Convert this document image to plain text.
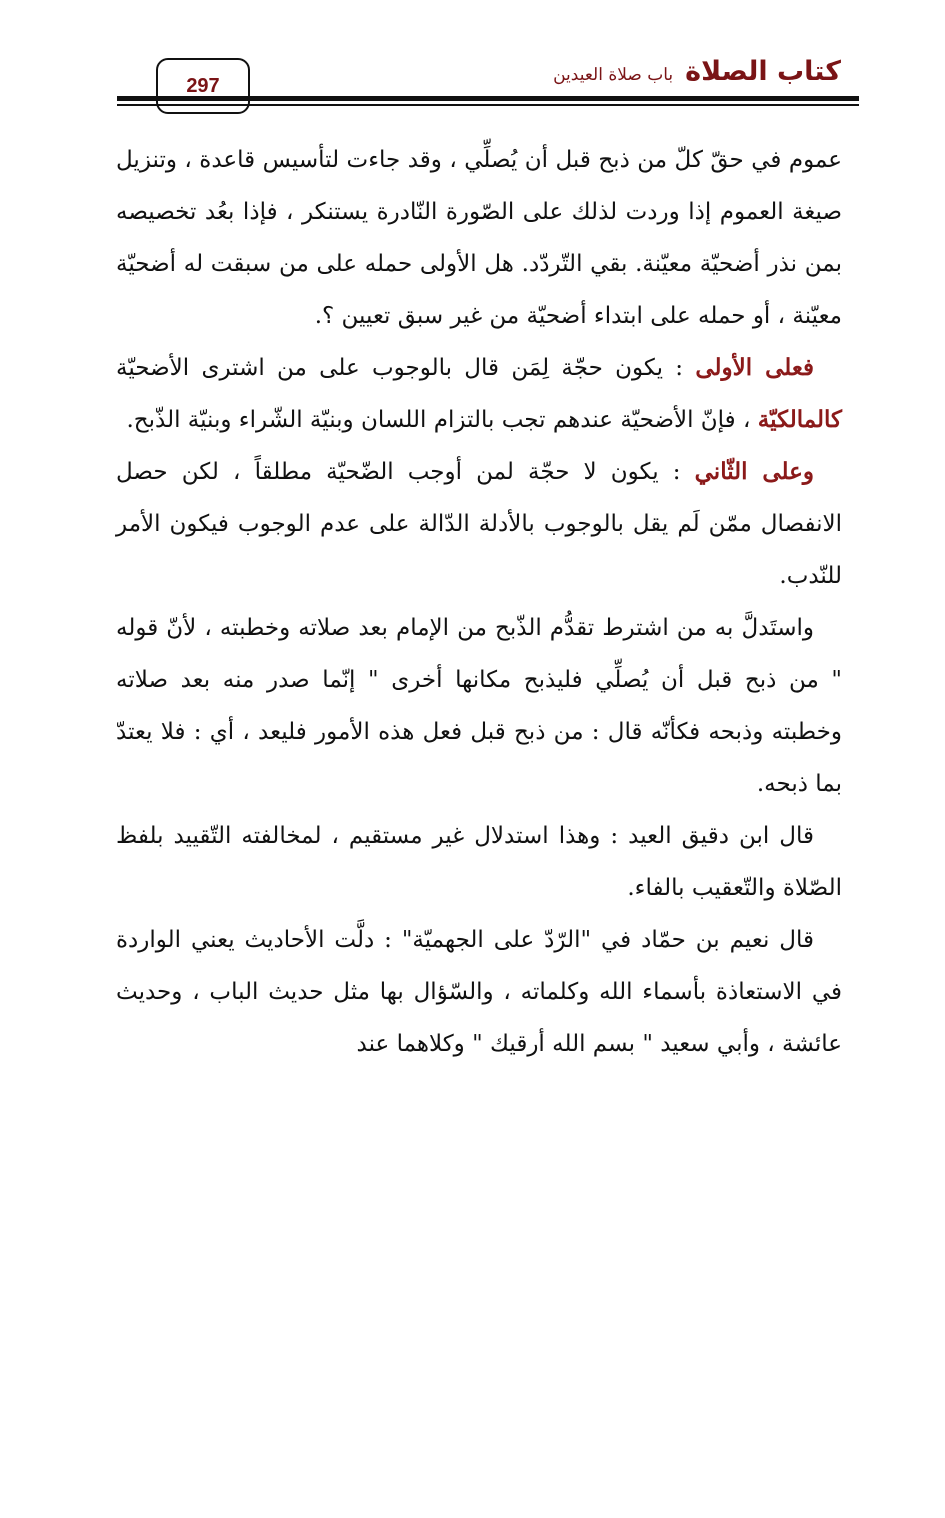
كتاب الصلاة
باب صلاة العيدين
297

عموم في حقّ كلّ من ذبح قبل أن يُصلِّي ، وقد جاءت لتأسيس قاعدة ، وتنزيل صيغة العموم إذا وردت لذلك على الصّورة النّادرة يستنكر ، فإذا بعُد تخصيصه بمن نذر أضحيّة معيّنة. بقي التّردّد. هل الأولى حمله على من سبقت له أضحيّة معيّنة ، أو حمله على ابتداء أضحيّة من غير سبق تعيين ؟.

فعلى الأولى : يكون حجّة لِمَن قال بالوجوب على من اشترى الأضحيّة كالمالكيّة ، فإنّ الأضحيّة عندهم تجب بالتزام اللسان وبنيّة الشّراء وبنيّة الذّبح.

وعلى الثّاني : يكون لا حجّة لمن أوجب الضّحيّة مطلقاً ، لكن حصل الانفصال ممّن لَم يقل بالوجوب بالأدلة الدّالة على عدم الوجوب فيكون الأمر للنّدب.

واستَدلَّ به من اشترط تقدُّم الذّبح من الإمام بعد صلاته وخطبته ، لأنّ قوله " من ذبح قبل أن يُصلِّي فليذبح مكانها أخرى " إنّما صدر منه بعد صلاته وخطبته وذبحه فكأنّه قال : من ذبح قبل فعل هذه الأمور فليعد ، أي : فلا يعتدّ بما ذبحه.

قال ابن دقيق العيد : وهذا استدلال غير مستقيم ، لمخالفته التّقييد بلفظ الصّلاة والتّعقيب بالفاء.

قال نعيم بن حمّاد في "الرّدّ على الجهميّة" : دلَّت الأحاديث يعني الواردة في الاستعاذة بأسماء الله وكلماته ، والسّؤال بها مثل حديث الباب ، وحديث عائشة ، وأبي سعيد " بسم الله أرقيك " وكلاهما عند
